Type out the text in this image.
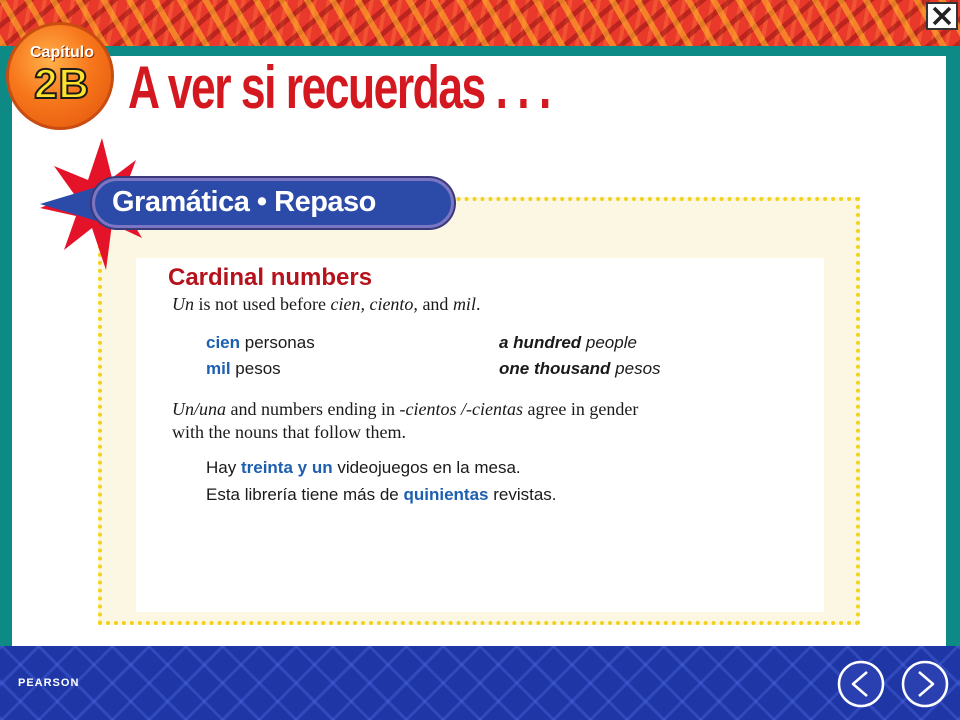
Capítulo
2B A ver si recuerdas . . .
Gramática • Repaso
Cardinal numbers
Un is not used before cien, ciento, and mil.
cien personas	a hundred people
mil pesos	one thousand pesos
Un/una and numbers ending in -cientos /-cientas agree in gender
with the nouns that follow them.
Hay treinta y un videojuegos en la mesa.
Esta librería tiene más de quinientas revistas.
PEARSON
